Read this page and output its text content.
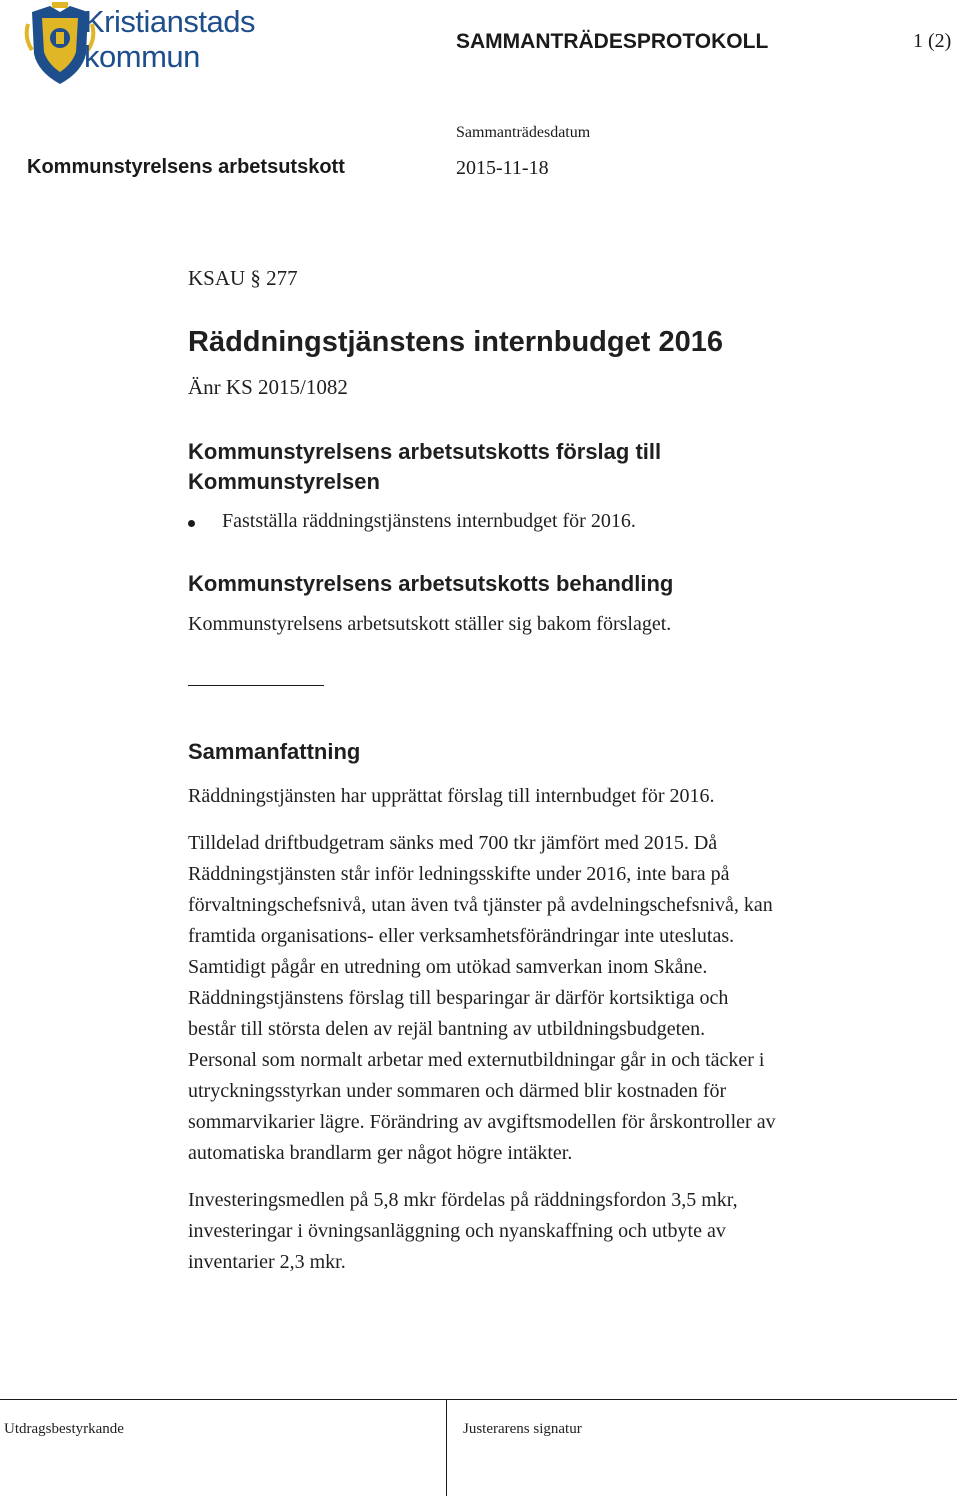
Kristianstads
kommun	SAMMANTRÄDESPROTOKOLL	1 (2)
Sammanträdesdatum
Kommunstyrelsens arbetsutskott	2015-11-18
KSAU § 277
Räddningstjänstens internbudget 2016
Änr KS 2015/1082
Kommunstyrelsens arbetsutskotts förslag till
Kommunstyrelsen
Fastställa räddningstjänstens internbudget för 2016.
Kommunstyrelsens arbetsutskotts behandling
Kommunstyrelsens arbetsutskott ställer sig bakom förslaget.
Sammanfattning
Räddningstjänsten har upprättat förslag till internbudget för 2016.
Tilldelad driftbudgetram sänks med 700 tkr jämfört med 2015. Då
Räddningstjänsten står inför ledningsskifte under 2016, inte bara på
förvaltningschefsnivå, utan även två tjänster på avdelningschefsnivå, kan
framtida organisations- eller verksamhetsförändringar inte uteslutas.
Samtidigt pågår en utredning om utökad samverkan inom Skåne.
Räddningstjänstens förslag till besparingar är därför kortsiktiga och
består till största delen av rejäl bantning av utbildningsbudgeten.
Personal som normalt arbetar med externutbildningar går in och täcker i
utryckningsstyrkan under sommaren och därmed blir kostnaden för
sommarvikarier lägre. Förändring av avgiftsmodellen för årskontroller av
automatiska brandlarm ger något högre intäkter.
Investeringsmedlen på 5,8 mkr fördelas på räddningsfordon 3,5 mkr,
investeringar i övningsanläggning och nyanskaffning och utbyte av
inventarier 2,3 mkr.
Utdragsbestyrkande	Justerarens signatur
